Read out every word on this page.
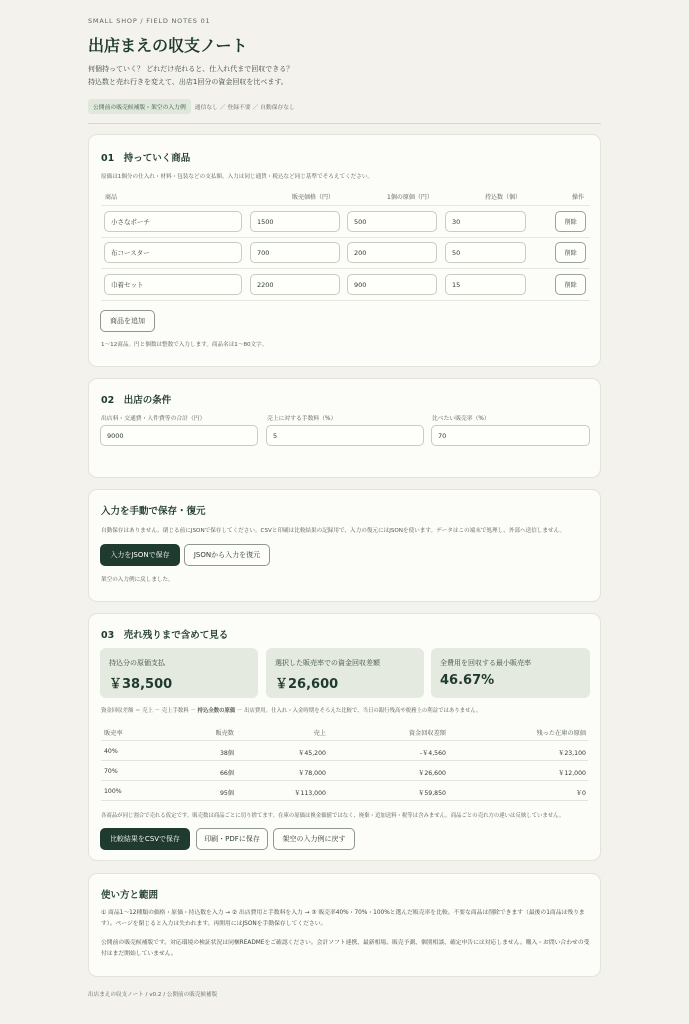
SMALL SHOP / FIELD NOTES 01
出店まえの収支ノート
何個持っていく？ どれだけ売れると、仕入れ代まで回収できる？
持込数と売れ行きを変えて、出店1回分の資金回収を比べます。
公開前の販売候補版・架空の入力例	通信なし ／ 登録不要 ／ 自動保存なし
01　持っていく商品
原価は1個分の仕入れ・材料・包装などの支払額。入力は同じ通貨・税込など同じ基準でそろえてください。
商品	販売価格（円）	1個の原価（円）	持込数（個）	操作
小さなポーチ	1500	500	30	削除
布コースター	700	200	50	削除
巾着セット	2200	900	15	削除
商品を追加
1〜12商品。円と個数は整数で入力します。商品名は1〜80文字。
02　出店の条件
出店料・交通費・人件費等の合計（円）
9000
売上に対する手数料（%）
5
比べたい販売率（%）
70
入力を手動で保存・復元
自動保存はありません。閉じる前にJSONで保存してください。CSVと印刷は比較結果の記録用で、入力の復元にはJSONを使います。データはこの端末で処理し、外部へ送信しません。
入力をJSONで保存	JSONから入力を復元
架空の入力例に戻しました。
03　売れ残りまで含めて見る
持込分の原価支払
￥38,500
選択した販売率での資金回収差額
￥26,600
全費用を回収する最小販売率
46.67%
資金回収差額 ＝ 売上 － 売上手数料 － 持込全数の原価 － 出店費用。仕入れ・入金時期をそろえた比較で、当日の銀行残高や税務上の利益ではありません。
販売率	販売数	売上	資金回収差額	残った在庫の原価
40%	38個	￥45,200	-￥4,560	￥23,100
70%	66個	￥78,000	￥26,600	￥12,000
100%	95個	￥113,000	￥59,850	￥0
各商品が同じ割合で売れる仮定です。販売数は商品ごとに切り捨てます。在庫の原価は換金価値ではなく、廃棄・追加送料・税等は含みません。商品ごとの売れ方の違いは反映していません。
比較結果をCSVで保存	印刷・PDFに保存	架空の入力例に戻す
使い方と範囲
① 商品1〜12種類の価格・原価・持込数を入力 → ② 出店費用と手数料を入力 → ③ 販売率40%・70%・100%と選んだ販売率を比較。不要な商品は削除できます（最後の1商品は残ります）。ページを閉じると入力は失われます。再開用にはJSONを手動保存してください。
公開前の販売候補版です。対応環境の検証状況は同梱READMEをご確認ください。会計ソフト連携、最新相場、販売予測、個別相談、確定申告には対応しません。購入・お問い合わせの受付はまだ開始していません。
出店まえの収支ノート / v0.2 / 公開前の販売候補版
